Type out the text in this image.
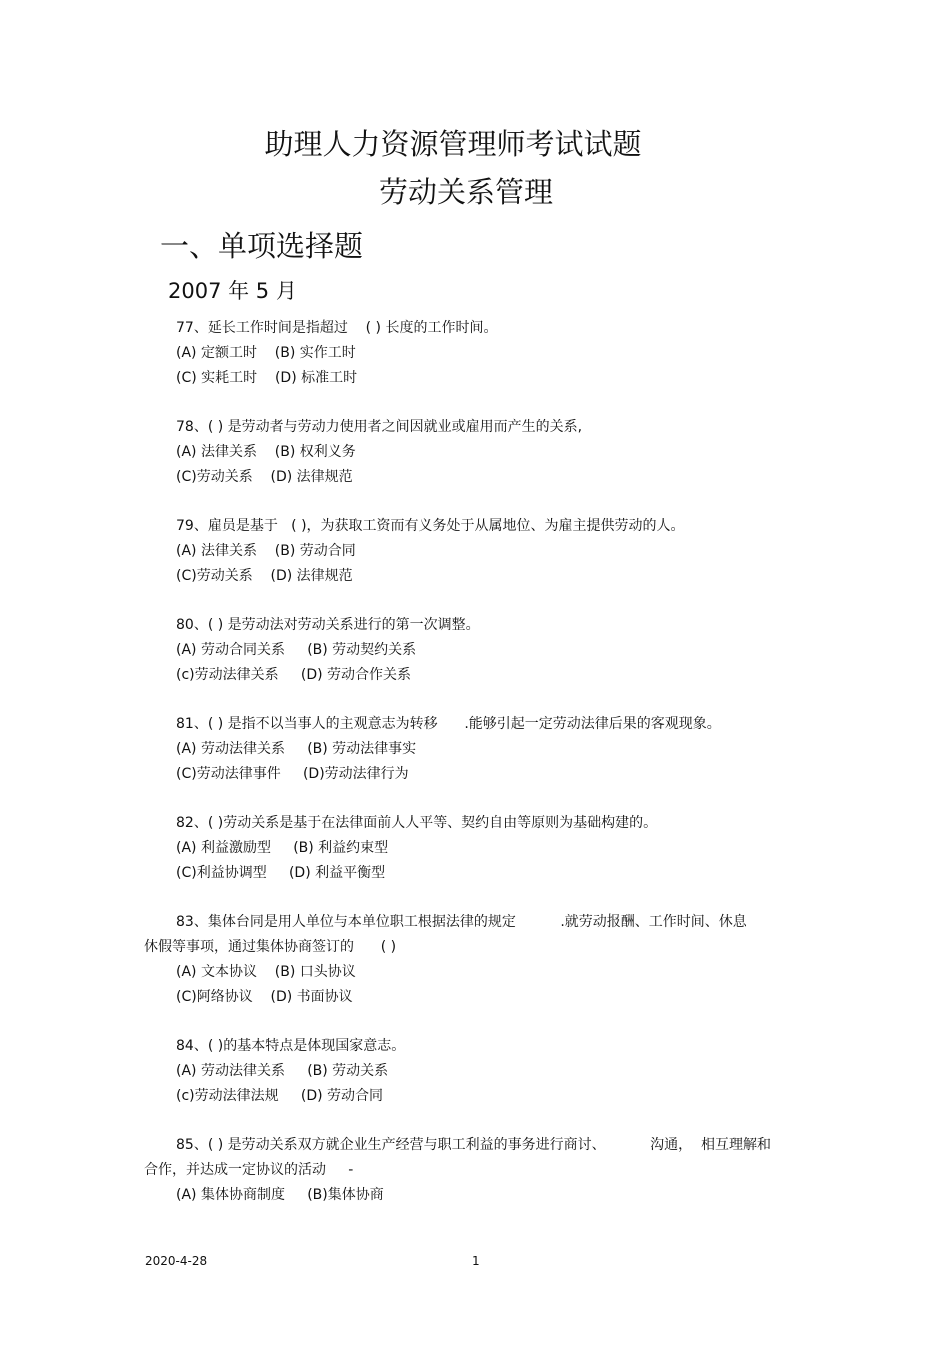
助理人力资源管理师考试试题
劳动关系管理
一、单项选择题
2007 年 5 月
77、延长工作时间是指超过    ( ) 长度的工作时间。
(A) 定额工时    (B) 实作工时
(C) 实耗工时    (D) 标准工时
78、( ) 是劳动者与劳动力使用者之间因就业或雇用而产生的关系,
(A) 法律关系    (B) 权利义务
(C)劳动关系    (D) 法律规范
79、雇员是基于   ( )，为获取工资而有义务处于从属地位、为雇主提供劳动的人。
(A) 法律关系    (B) 劳动合同
(C)劳动关系    (D) 法律规范
80、( ) 是劳动法对劳动关系进行的第一次调整。
(A) 劳动合同关系     (B) 劳动契约关系
(c)劳动法律关系     (D) 劳动合作关系
81、( ) 是指不以当事人的主观意志为转移      .能够引起一定劳动法律后果的客观现象。
(A) 劳动法律关系     (B) 劳动法律事实
(C)劳动法律事件     (D)劳动法律行为
82、( )劳动关系是基于在法律面前人人平等、契约自由等原则为基础构建的。
(A) 利益激励型     (B) 利益约束型
(C)利益协调型     (D) 利益平衡型
83、集体台同是用人单位与本单位职工根据法律的规定          .就劳动报酬、工作时间、休息
休假等事项，通过集体协商签订的      ( )
(A) 文本协议    (B) 口头协议
(C)阿络协议    (D) 书面协议
84、( )的基本特点是体现国家意志。
(A) 劳动法律关系     (B) 劳动关系
(c)劳动法律法规     (D) 劳动合同
85、( ) 是劳动关系双方就企业生产经营与职工利益的事务进行商讨、          沟通，  相互理解和
合作，并达成一定协议的活动     -
(A) 集体协商制度     (B)集体协商
2020-4-28	1
